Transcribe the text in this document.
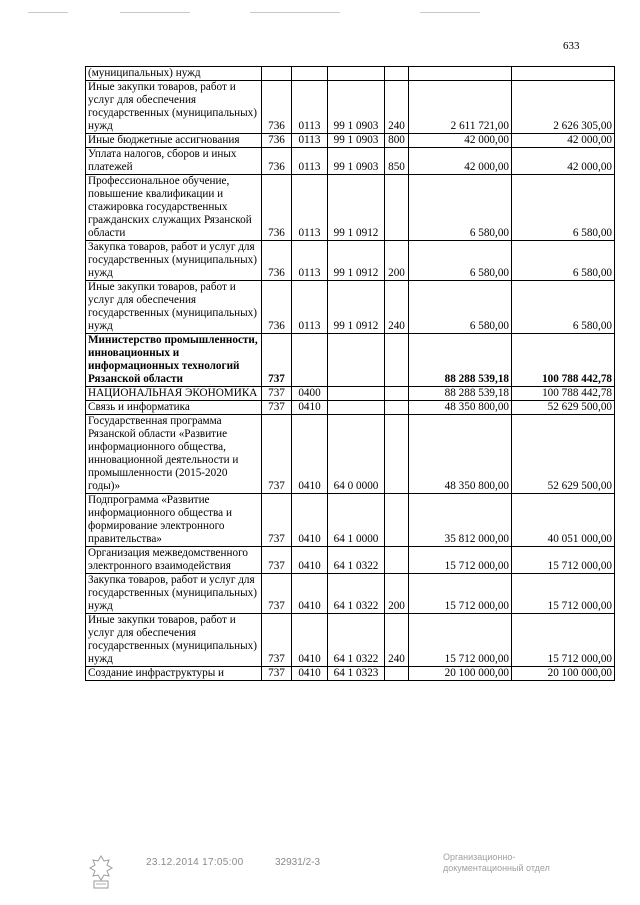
633
(муниципальных) нужд						
Иные закупки товаров, работ и услуг для обеспечения государственных (муниципальных) нужд	736	0113	99 1 0903	240	2 611 721,00	2 626 305,00
Иные бюджетные ассигнования	736	0113	99 1 0903	800	42 000,00	42 000,00
Уплата налогов, сборов и иных платежей	736	0113	99 1 0903	850	42 000,00	42 000,00
Профессиональное обучение, повышение квалификации и стажировка государственных гражданских служащих Рязанской области	736	0113	99 1 0912		6 580,00	6 580,00
Закупка товаров, работ и услуг для государственных (муниципальных) нужд	736	0113	99 1 0912	200	6 580,00	6 580,00
Иные закупки товаров, работ и услуг для обеспечения государственных (муниципальных) нужд	736	0113	99 1 0912	240	6 580,00	6 580,00
Министерство промышленности, инновационных и информационных технологий Рязанской области	737				88 288 539,18	100 788 442,78
НАЦИОНАЛЬНАЯ ЭКОНОМИКА	737	0400			88 288 539,18	100 788 442,78
Связь и информатика	737	0410			48 350 800,00	52 629 500,00
Государственная программа Рязанской области «Развитие информационного общества, инновационной деятельности и промышленности (2015-2020 годы)»	737	0410	64 0 0000		48 350 800,00	52 629 500,00
Подпрограмма «Развитие информационного общества и формирование электронного правительства»	737	0410	64 1 0000		35 812 000,00	40 051 000,00
Организация межведомственного электронного взаимодействия	737	0410	64 1 0322		15 712 000,00	15 712 000,00
Закупка товаров, работ и услуг для государственных (муниципальных) нужд	737	0410	64 1 0322	200	15 712 000,00	15 712 000,00
Иные закупки товаров, работ и услуг для обеспечения государственных (муниципальных) нужд	737	0410	64 1 0322	240	15 712 000,00	15 712 000,00
Создание инфраструктуры и	737	0410	64 1 0323		20 100 000,00	20 100 000,00
23.12.2014 17:05:00	32931/2-3	Организационно-
документационный отдел
